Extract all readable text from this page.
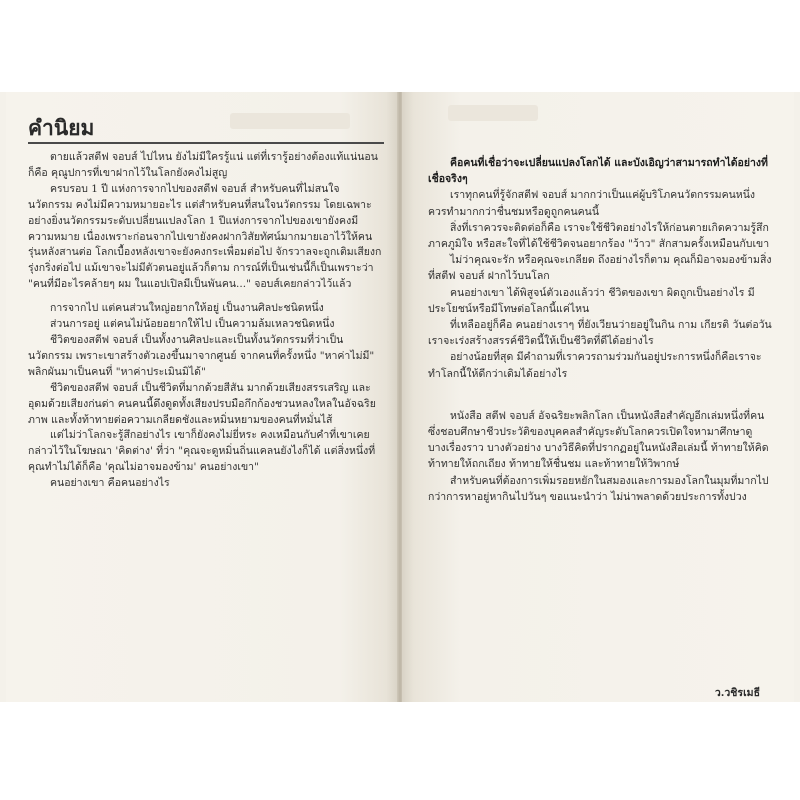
คำนิยม

ตายแล้วสตีฟ จอบส์ ไปไหน ยังไม่มีใครรู้แน่ แต่ที่เรารู้อย่างต้องแท้แน่นอนก็คือ คุณูปการที่เขาฝากไว้ในโลกยังคงไม่สูญ

ครบรอบ 1 ปี แห่งการจากไปของสตีฟ จอบส์ สำหรับคนที่ไม่สนใจนวัตกรรม คงไม่มีความหมายอะไร แต่สำหรับคนที่สนใจนวัตกรรม โดยเฉพาะอย่างยิ่งนวัตกรรมระดับเปลี่ยนแปลงโลก 1 ปีแห่งการจากไปของเขายังคงมีความหมาย เนื่องเพราะก่อนจากไปเขายังคงฝากวิสัยทัศน์มากมายเอาไว้ให้คนรุ่นหลังสานต่อ โลกเบื้องหลังเขาจะยังคงกระเพื่อมต่อไป จักรวาลจะถูกเติมเสียงกรุ่งกริ่งต่อไป แม้เขาจะไม่มีตัวตนอยู่แล้วก็ตาม การณ์ที่เป็นเช่นนี้ก็เป็นเพราะว่า "คนที่มีอะไรคล้ายๆ ผม ในแอปเปิลมีเป็นพันคน..." จอบส์เคยกล่าวไว้แล้ว

การจากไป แต่คนส่วนใหญ่อยากให้อยู่ เป็นงานศิลปะชนิดหนึ่ง

ส่วนการอยู่ แต่คนไม่น้อยอยากให้ไป เป็นความล้มเหลวชนิดหนึ่ง

ชีวิตของสตีฟ จอบส์ เป็นทั้งงานศิลปะและเป็นทั้งนวัตกรรมที่ว่าเป็นนวัตกรรม เพราะเขาสร้างตัวเองขึ้นมาจากศูนย์ จากคนที่ครั้งหนึ่ง "หาค่าไม่มี" พลิกผันมาเป็นคนที่ "หาค่าประเมินมิได้"

ชีวิตของสตีฟ จอบส์ เป็นชีวิตที่มากด้วยสีสัน มากด้วยเสียงสรรเสริญ และอุดมด้วยเสียงก่นด่า คนคนนี้ดึงดูดทั้งเสียงปรบมือกึกก้องชวนหลงใหลในอัจฉริยภาพ และทั้งท้าทายต่อความเกลียดชังและหมิ่นหยามของคนที่หมั่นไส้

แต่ไม่ว่าโลกจะรู้สึกอย่างไร เขาก็ยังคงไม่ยี่หระ คงเหมือนกับคำที่เขาเคยกล่าวไว้ในโฆษณา 'คิดต่าง' ที่ว่า "คุณจะดูหมิ่นถิ่นแคลนยังไงก็ได้ แต่สิ่งหนึ่งที่คุณทำไม่ได้ก็คือ 'คุณไม่อาจมองข้าม' คนอย่างเขา"

คนอย่างเขา คือคนอย่างไร

คือคนที่เชื่อว่าจะเปลี่ยนแปลงโลกได้ และบังเอิญว่าสามารถทำได้อย่างที่เชื่อจริงๆ

เราทุกคนที่รู้จักสตีฟ จอบส์ มากกว่าเป็นแค่ผู้บริโภคนวัตกรรมคนหนึ่ง ควรทำมากกว่าชื่นชมหรือดูถูกคนคนนี้

สิ่งที่เราควรจะติดต่อก็คือ เราจะใช้ชีวิตอย่างไรให้ก่อนตายเกิดความรู้สึกภาคภูมิใจ หรือสะใจที่ได้ใช้ชีวิตจนอยากร้อง "ว้าว" สักสามครั้งเหมือนกับเขา

ไม่ว่าคุณจะรัก หรือคุณจะเกลียด ถึงอย่างไรก็ตาม คุณก็มิอาจมองข้ามสิ่งที่สตีฟ จอบส์ ฝากไว้บนโลก

คนอย่างเขา ได้พิสูจน์ตัวเองแล้วว่า ชีวิตของเขา ผิดถูกเป็นอย่างไร มีประโยชน์หรือมีโทษต่อโลกนี้แค่ไหน

ที่เหลืออยู่ก็คือ คนอย่างเราๆ ที่ยังเวียนว่ายอยู่ในกิน กาม เกียรติ วันต่อวัน เราจะเร่งสร้างสรรค์ชีวิตนี้ให้เป็นชีวิตที่ดีได้อย่างไร

อย่างน้อยที่สุด มีคำถามที่เราควรถามร่วมกันอยู่ประการหนึ่งก็คือเราจะทำโลกนี้ให้ดีกว่าเดิมได้อย่างไร

หนังสือ สตีฟ จอบส์ อัจฉริยะพลิกโลก เป็นหนังสือสำคัญอีกเล่มหนึ่งที่คนซึ่งชอบศึกษาชีวประวัติของบุคคลสำคัญระดับโลกควรเปิดใจหามาศึกษาดู บางเรื่องราว บางตัวอย่าง บางวิธีคิดที่ปรากฏอยู่ในหนังสือเล่มนี้ ท้าทายให้คิด ท้าทายให้ถกเถียง ท้าทายให้ชื่นชม และท้าทายให้วิพากษ์

สำหรับคนที่ต้องการเพิ่มรอยหยักในสมองและการมองโลกในมุมที่มากไปกว่าการหาอยู่หากินไปวันๆ ขอแนะนำว่า ไม่น่าพลาดด้วยประการทั้งปวง

ว.วชิรเมธี
